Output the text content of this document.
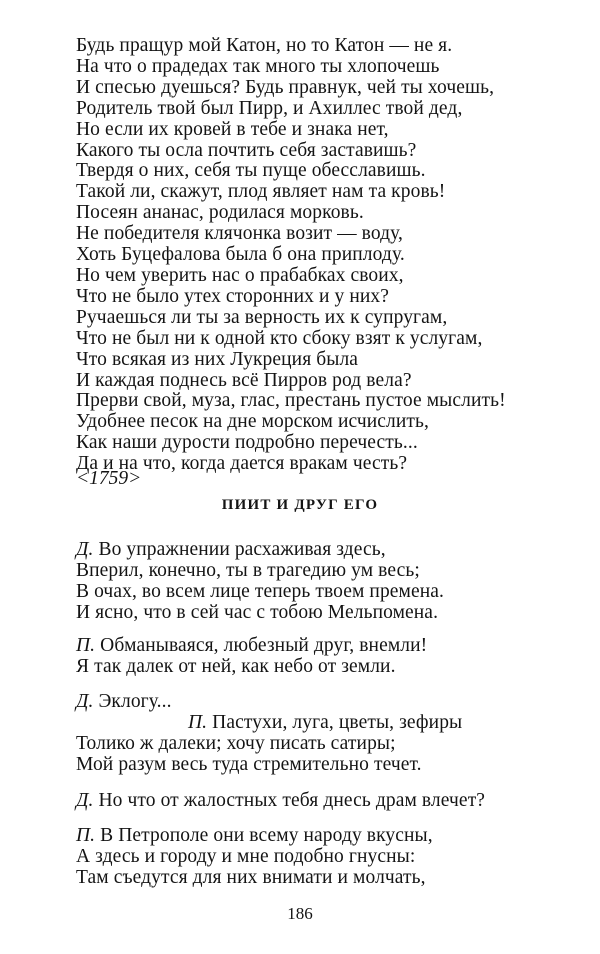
Будь пращур мой Катон, но то Катон — не я.
На что о прадедах так много ты хлопочешь
И спесью дуешься? Будь правнук, чей ты хочешь,
Родитель твой был Пирр, и Ахиллес твой дед,
Но если их кровей в тебе и знака нет,
Какого ты осла почтить себя заставишь?
Твердя о них, себя ты пуще обесславишь.
Такой ли, скажут, плод являет нам та кровь!
Посеян ананас, родилася морковь.
Не победителя клячонка возит — воду,
Хоть Буцефалова была б она приплоду.
Но чем уверить нас о прабабках своих,
Что не было утех сторонних и у них?
Ручаешься ли ты за верность их к супругам,
Что не был ни к одной кто сбоку взят к услугам,
Что всякая из них Лукреция была
И каждая поднесь всё Пирров род вела?
Прерви свой, муза, глас, престань пустое мыслить!
Удобнее песок на дне морском исчислить,
Как наши дурости подробно перечесть...
Да и на что, когда дается вракам честь?
<1759>
ПИИТ И ДРУГ ЕГО
Д. Во упражнении расхаживая здесь,
Вперил, конечно, ты в трагедию ум весь;
В очах, во всем лице теперь твоем премена.
И ясно, что в сей час с тобою Мельпомена.
П. Обманываяся, любезный друг, внемли!
Я так далек от ней, как небо от земли.
Д. Эклогу...
П. Пастухи, луга, цветы, зефиры
Толико ж далеки; хочу писать сатиры;
Мой разум весь туда стремительно течет.
Д. Но что от жалостных тебя днесь драм влечет?
П. В Петрополе они всему народу вкусны,
А здесь и городу и мне подобно гнусны:
Там съедутся для них внимати и молчать,
186
